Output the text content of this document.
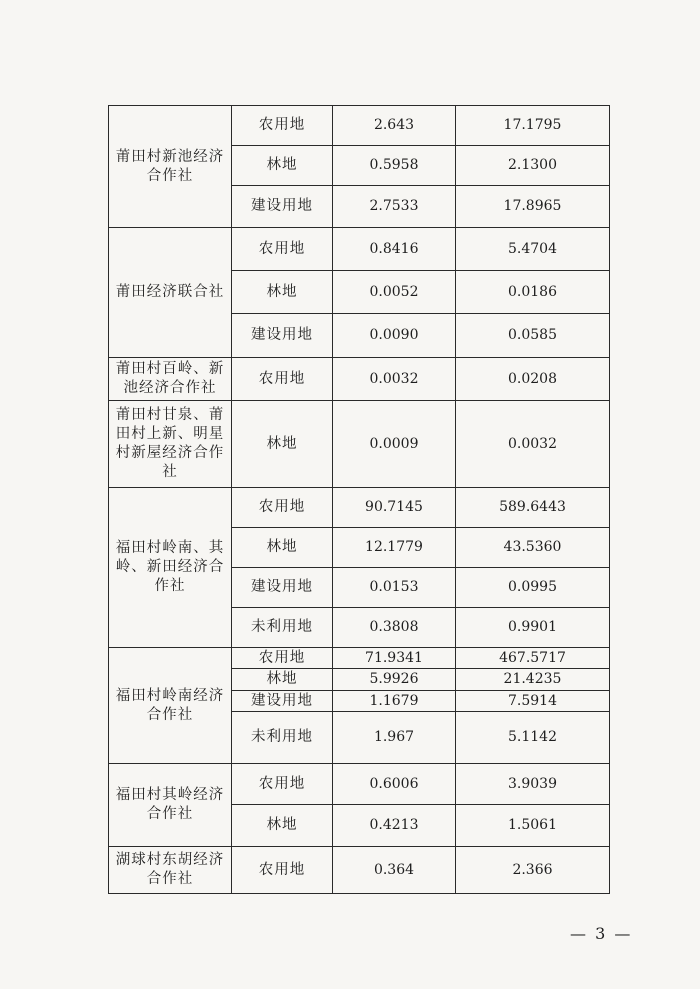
莆田村新池经济合作社	农用地	2.643	17.1795
	林地	0.5958	2.1300
	建设用地	2.7533	17.8965
莆田经济联合社	农用地	0.8416	5.4704
	林地	0.0052	0.0186
	建设用地	0.0090	0.0585
莆田村百岭、新池经济合作社	农用地	0.0032	0.0208
莆田村甘泉、莆田村上新、明星村新屋经济合作社	林地	0.0009	0.0032
福田村岭南、其岭、新田经济合作社	农用地	90.7145	589.6443
	林地	12.1779	43.5360
	建设用地	0.0153	0.0995
	未利用地	0.3808	0.9901
福田村岭南经济合作社	农用地	71.9341	467.5717
	林地	5.9926	21.4235
	建设用地	1.1679	7.5914
	未利用地	1.967	5.1142
福田村其岭经济合作社	农用地	0.6006	3.9039
	林地	0.4213	1.5061
湖球村东胡经济合作社	农用地	0.364	2.366
— 3 —
